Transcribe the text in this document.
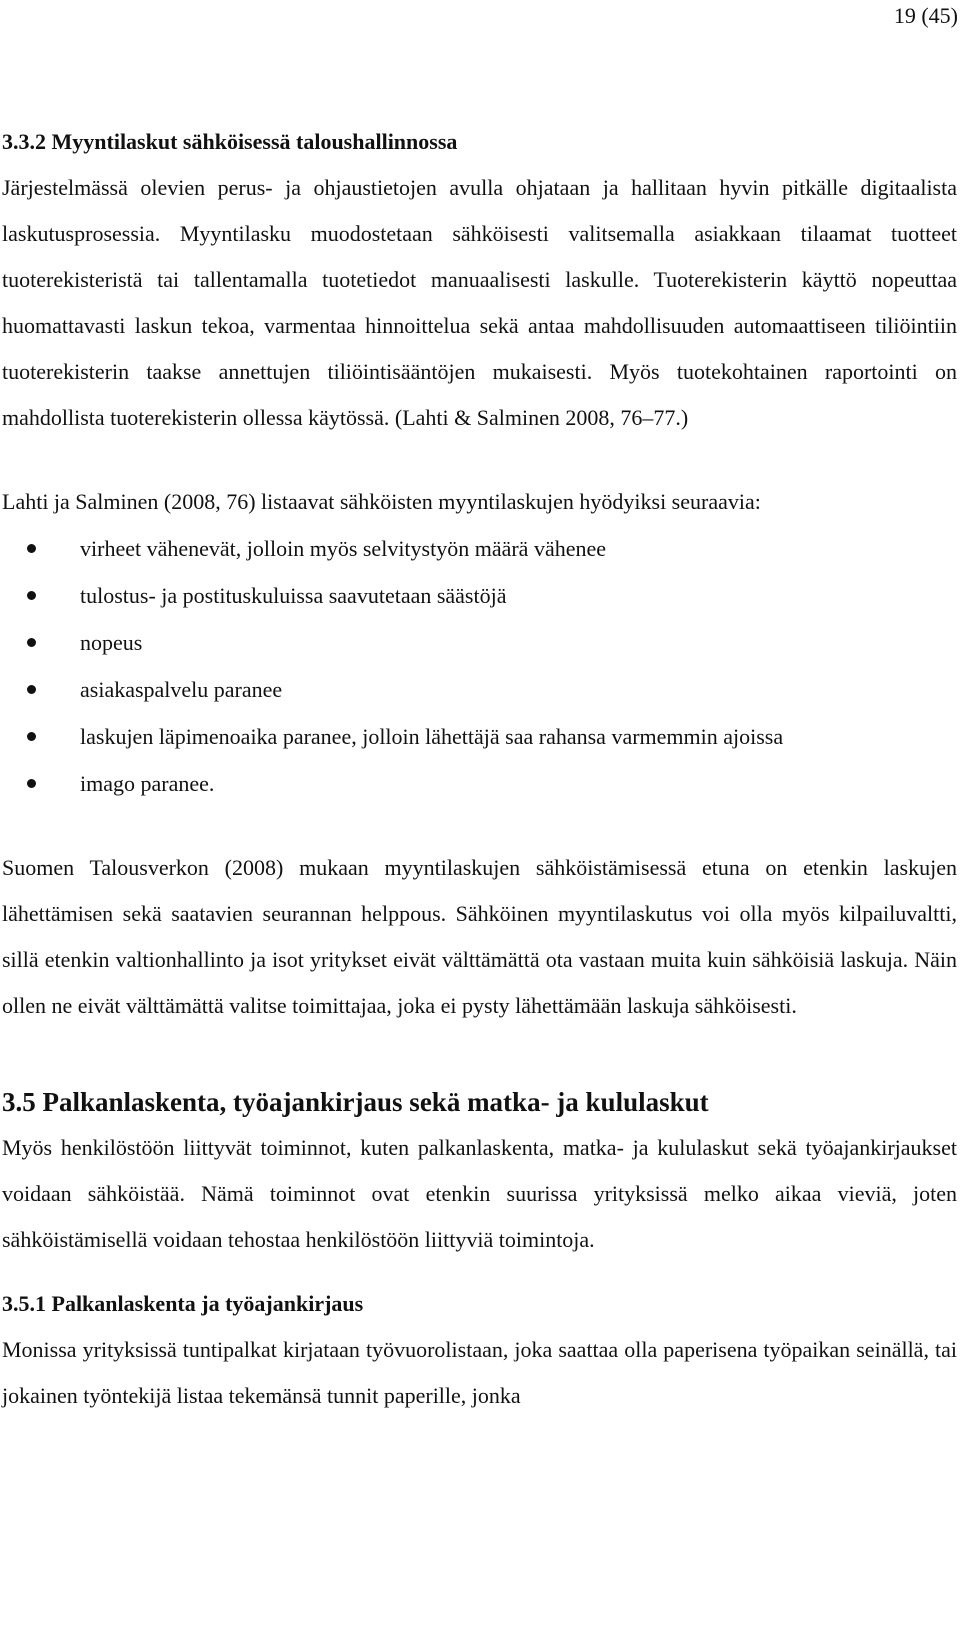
19 (45)
3.3.2 Myyntilaskut sähköisessä taloushallinnossa

Järjestelmässä olevien perus- ja ohjaustietojen avulla ohjataan ja hallitaan hyvin pitkälle digitaalista laskutusprosessia. Myyntilasku muodostetaan sähköisesti valitsemalla asiakkaan tilaamat tuotteet tuoterekisteristä tai tallentamalla tuotetiedot manuaalisesti laskulle. Tuoterekisterin käyttö nopeuttaa huomattavasti laskun tekoa, varmentaa hinnoittelua sekä antaa mahdollisuuden automaattiseen tiliöintiin tuoterekisterin taakse annettujen tiliöintisääntöjen mukaisesti. Myös tuotekohtainen raportointi on mahdollista tuoterekisterin ollessa käytössä. (Lahti & Salminen 2008, 76–77.)

Lahti ja Salminen (2008, 76) listaavat sähköisten myyntilaskujen hyödyiksi seuraavia:

virheet vähenevät, jolloin myös selvitystyön määrä vähenee
tulostus- ja postituskuluissa saavutetaan säästöjä
nopeus
asiakaspalvelu paranee
laskujen läpimenoaika paranee, jolloin lähettäjä saa rahansa varmemmin ajoissa
imago paranee.

Suomen Talousverkon (2008) mukaan myyntilaskujen sähköistämisessä etuna on etenkin laskujen lähettämisen sekä saatavien seurannan helppous. Sähköinen myyntilaskutus voi olla myös kilpailuvaltti, sillä etenkin valtionhallinto ja isot yritykset eivät välttämättä ota vastaan muita kuin sähköisiä laskuja. Näin ollen ne eivät välttämättä valitse toimittajaa, joka ei pysty lähettämään laskuja sähköisesti.

3.5 Palkanlaskenta, työajankirjaus sekä matka- ja kululaskut

Myös henkilöstöön liittyvät toiminnot, kuten palkanlaskenta, matka- ja kululaskut sekä työajankirjaukset voidaan sähköistää. Nämä toiminnot ovat etenkin suurissa yrityksissä melko aikaa vieviä, joten sähköistämisellä voidaan tehostaa henkilöstöön liittyviä toimintoja.

3.5.1 Palkanlaskenta ja työajankirjaus

Monissa yrityksissä tuntipalkat kirjataan työvuorolistaan, joka saattaa olla paperisena työpaikan seinällä, tai jokainen työntekijä listaa tekemänsä tunnit paperille, jonka
